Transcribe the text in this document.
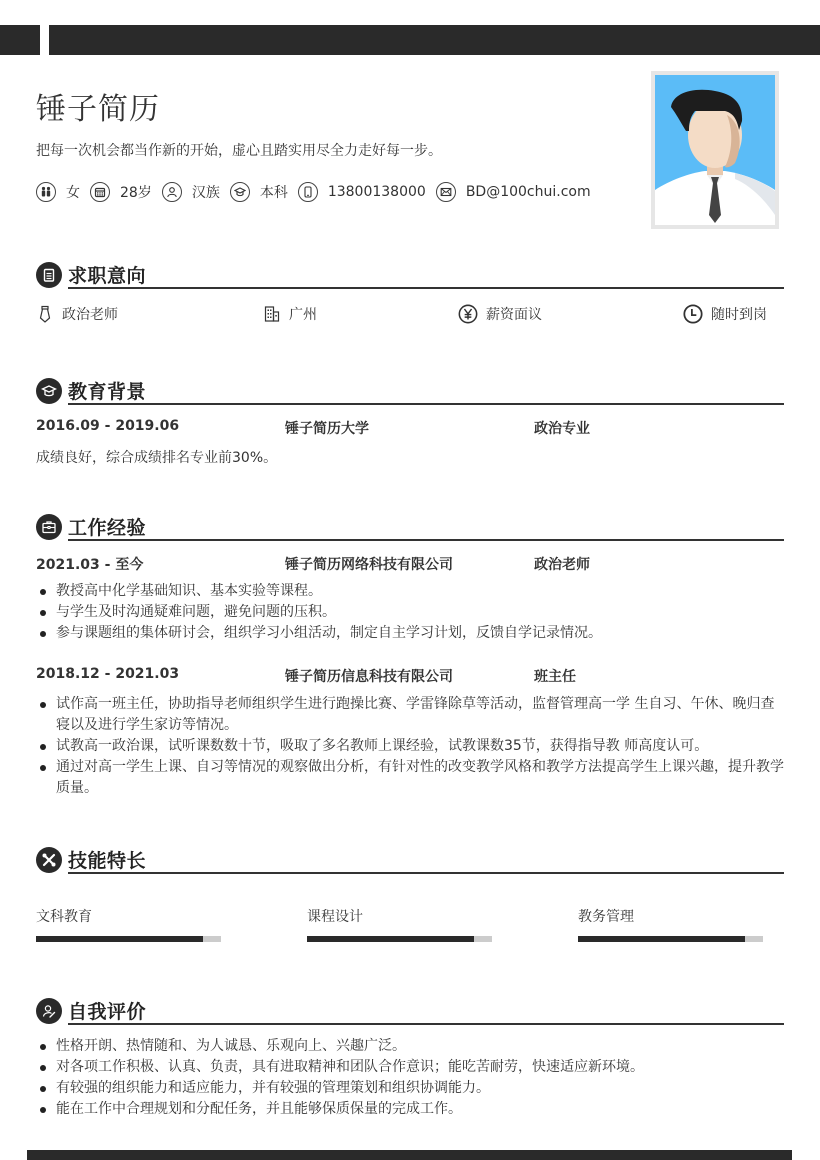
锤子简历

把每一次机会都当作新的开始，虚心且踏实用尽全力走好每一步。

女	28岁	汉族	本科	13800138000	BD@100chui.com
求职意向
政治老师	广州	薪资面议	随时到岗
教育背景
2016.09 - 2019.06	锤子简历大学	政治专业

成绩良好，综合成绩排名专业前30%。

工作经验
2021.03 - 至今	锤子简历网络科技有限公司	政治老师
教授高中化学基础知识、基本实验等课程。
与学生及时沟通疑难问题，避免问题的压积。
参与课题组的集体研讨会，组织学习小组活动，制定自主学习计划，反馈自学记录情况。
2018.12 - 2021.03	锤子简历信息科技有限公司	班主任
试作高一班主任，协助指导老师组织学生进行跑操比赛、学雷锋除草等活动，监督管理高一学 生自习、午休、晚归查寝以及进行学生家访等情况。
试教高一政治课，试听课数数十节，吸取了多名教师上课经验，试教课数35节，获得指导教 师高度认可。
通过对高一学生上课、自习等情况的观察做出分析，有针对性的改变教学风格和教学方法提高学生上课兴趣，提升教学质量。
技能特长
文科教育	课程设计	教务管理
自我评价
性格开朗、热情随和、为人诚恳、乐观向上、兴趣广泛。
对各项工作积极、认真、负责，具有进取精神和团队合作意识；能吃苦耐劳，快速适应新环境。
有较强的组织能力和适应能力，并有较强的管理策划和组织协调能力。
能在工作中合理规划和分配任务，并且能够保质保量的完成工作。
